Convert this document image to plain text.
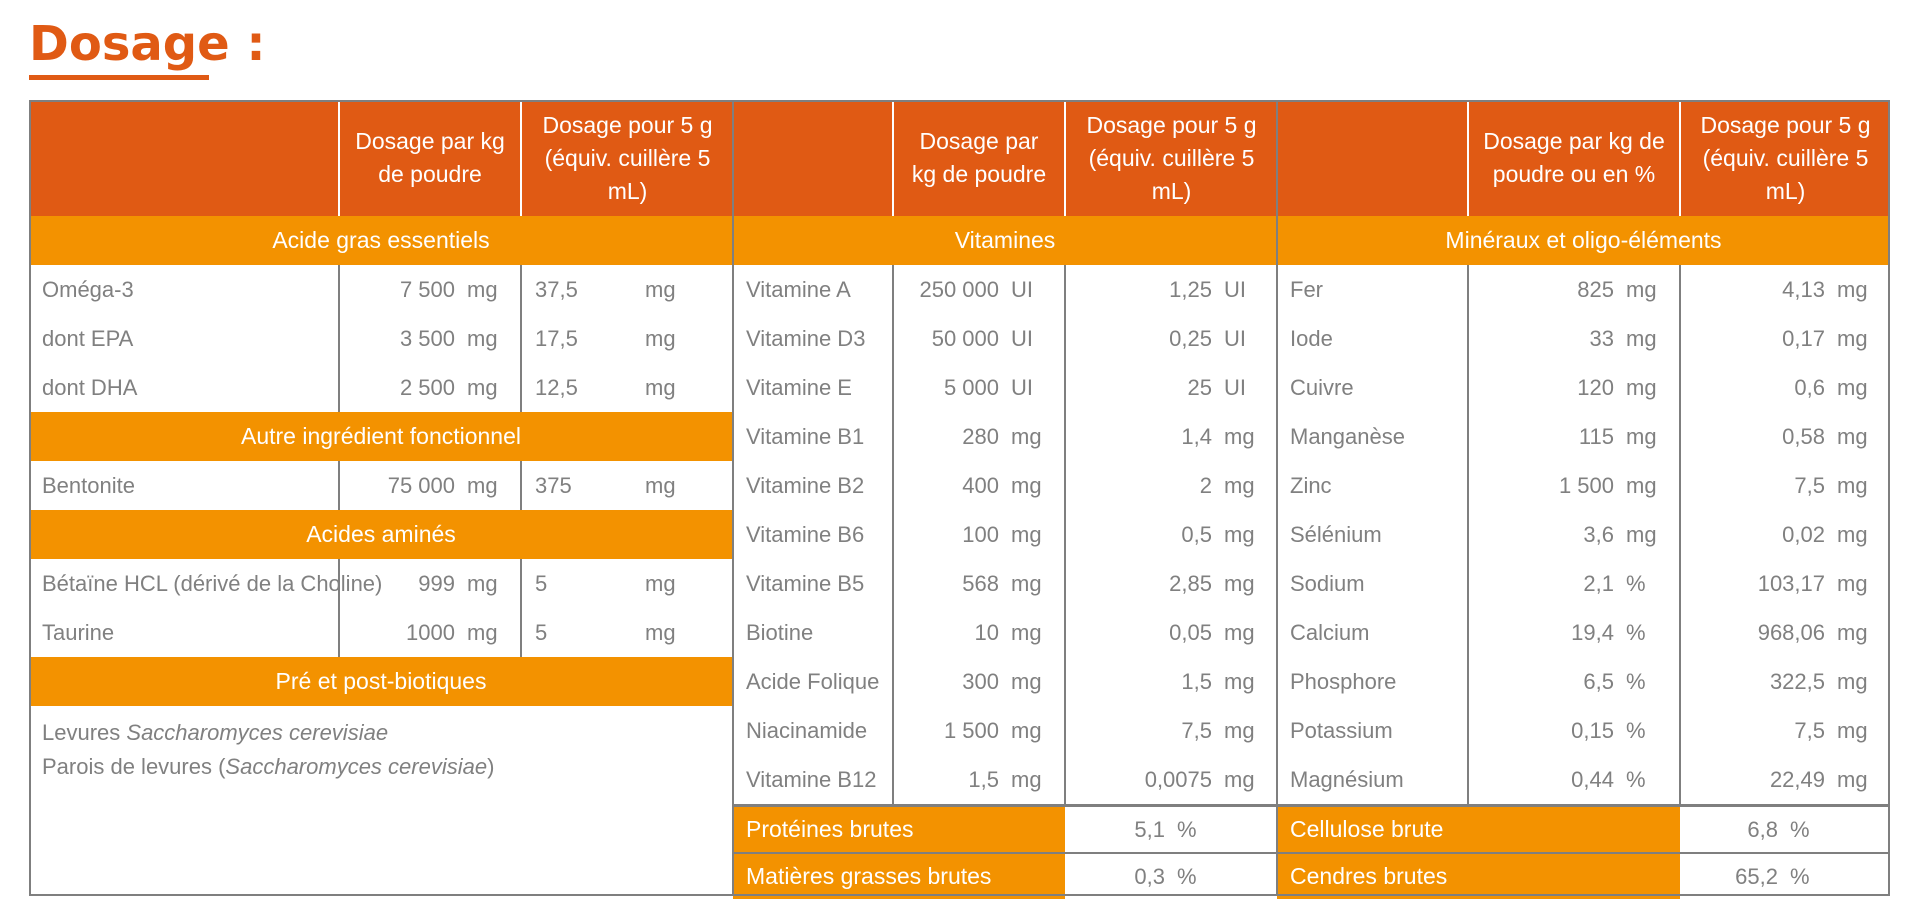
Dosage :
	Dosage par kg de poudre	Dosage pour 5 g (équiv. cuillère 5 mL)
Acide gras essentiels		
Oméga-3	7 500 mg	37,5 mg
dont EPA	3 500 mg	17,5 mg
dont DHA	2 500 mg	12,5 mg
Autre ingrédient fonctionnel		
Bentonite	75 000 mg	375 mg
Acides aminés		
Bétaïne HCL (dérivé de la Choline)	999 mg	5 mg
Taurine	1000 mg	5 mg
Pré et post-biotiques		

Levures Saccharomyces cerevisiae
Parois de levures (Saccharomyces cerevisiae)		
	Dosage par kg de poudre	Dosage pour 5 g (équiv. cuillère 5 mL)
Vitamines		
Vitamine A	250 000 UI	1,25 UI
Vitamine D3	50 000 UI	0,25 UI
Vitamine E	5 000 UI	25 UI
Vitamine B1	280 mg	1,4 mg
Vitamine B2	400 mg	2 mg
Vitamine B6	100 mg	0,5 mg
Vitamine B5	568 mg	2,85 mg
Biotine	10 mg	0,05 mg
Acide Folique	300 mg	1,5 mg
Niacinamide	1 500 mg	7,5 mg
Vitamine B12	1,5 mg	0,0075 mg
Protéines brutes		5,1 %
Matières grasses brutes		0,3 %
	Dosage par kg de poudre ou en %	Dosage pour 5 g (équiv. cuillère 5 mL)
Minéraux et oligo-éléments		
Fer	825 mg	4,13 mg
Iode	33 mg	0,17 mg
Cuivre	120 mg	0,6 mg
Manganèse	115 mg	0,58 mg
Zinc	1 500 mg	7,5 mg
Sélénium	3,6 mg	0,02 mg
Sodium	2,1 %	103,17 mg
Calcium	19,4 %	968,06 mg
Phosphore	6,5 %	322,5 mg
Potassium	0,15 %	7,5 mg
Magnésium	0,44 %	22,49 mg
Cellulose brute		6,8 %
Cendres brutes		65,2 %
